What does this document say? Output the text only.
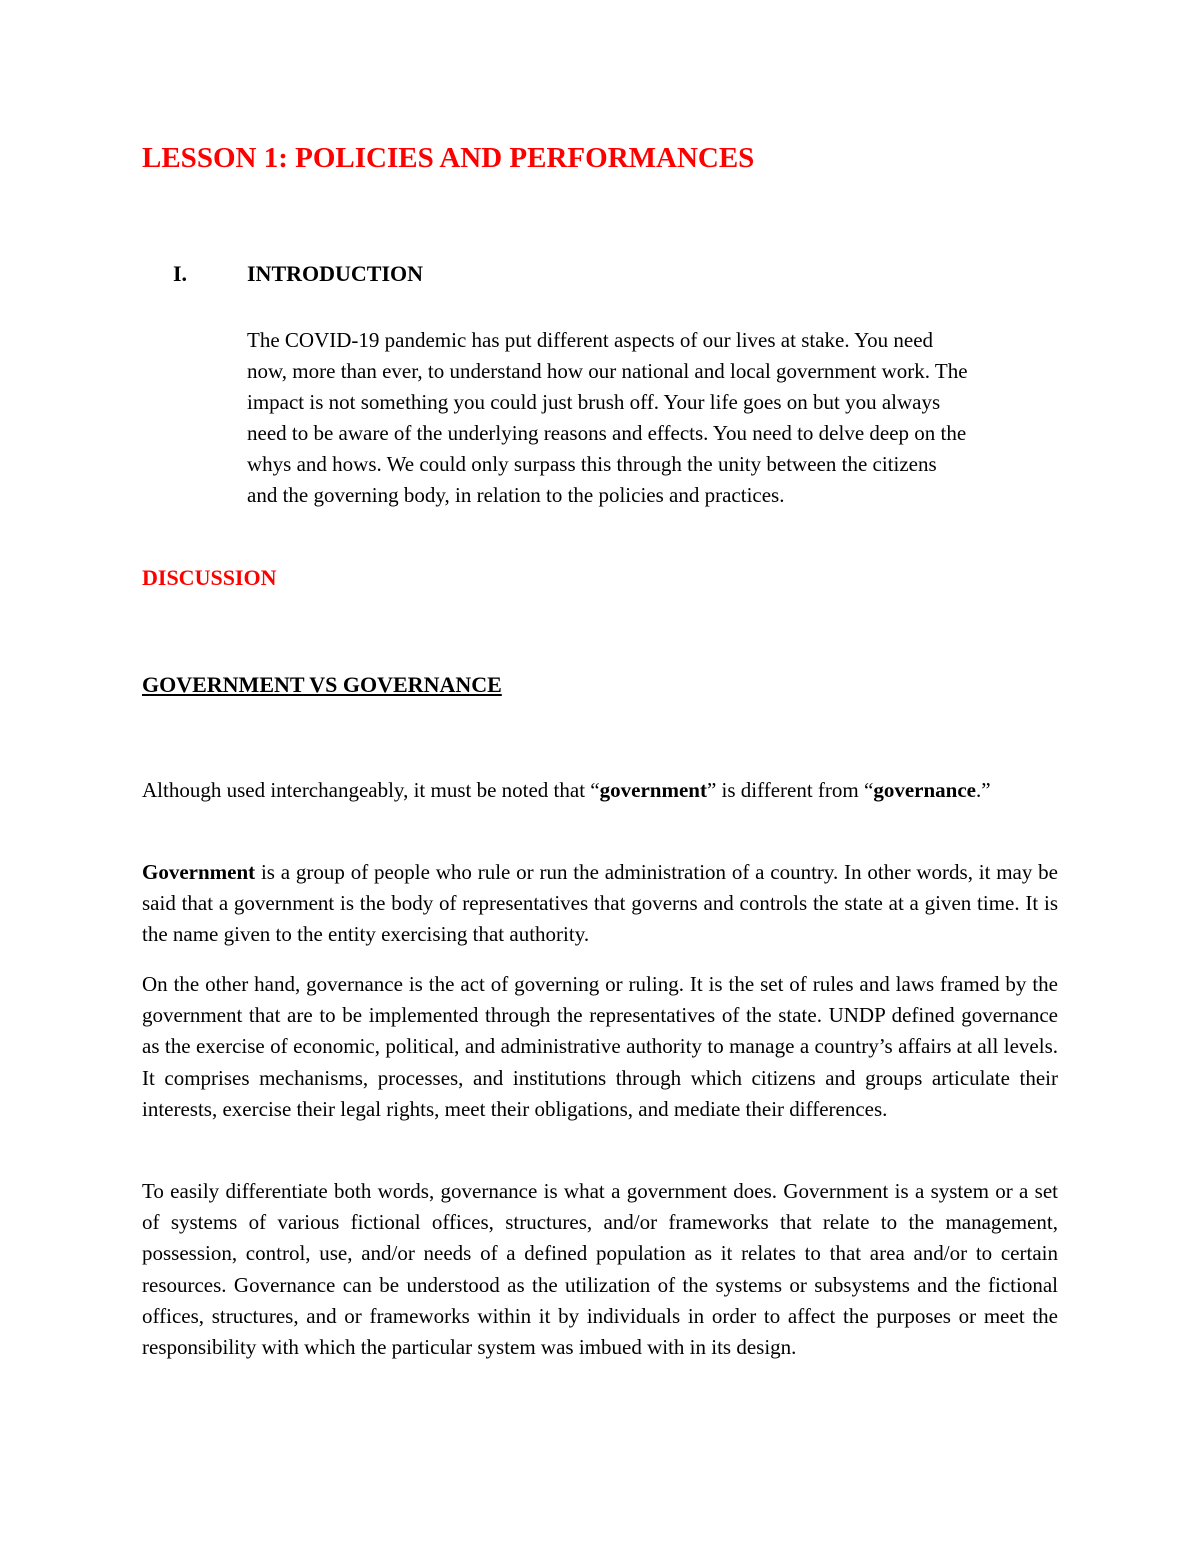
LESSON 1: POLICIES AND PERFORMANCES
I.	INTRODUCTION

The COVID-19 pandemic has put different aspects of our lives at stake. You need
now, more than ever, to understand how our national and local government work. The
impact is not something you could just brush off. Your life goes on but you always
need to be aware of the underlying reasons and effects. You need to delve deep on the
whys and hows. We could only surpass this through the unity between the citizens
and the governing body, in relation to the policies and practices.

DISCUSSION
GOVERNMENT VS GOVERNANCE

Although used interchangeably, it must be noted that “government” is different from “governance.”

Government is a group of people who rule or run the administration of a country. In other words, it may be said that a government is the body of representatives that governs and controls the state at a given time. It is the name given to the entity exercising that authority.

On the other hand, governance is the act of governing or ruling. It is the set of rules and laws framed by the government that are to be implemented through the representatives of the state. UNDP defined governance as the exercise of economic, political, and administrative authority to manage a country’s affairs at all levels. It comprises mechanisms, processes, and institutions through which citizens and groups articulate their interests, exercise their legal rights, meet their obligations, and mediate their differences.

To easily differentiate both words, governance is what a government does. Government is a system or a set of systems of various fictional offices, structures, and/or frameworks that relate to the management, possession, control, use, and/or needs of a defined population as it relates to that area and/or to certain resources. Governance can be understood as the utilization of the systems or subsystems and the fictional offices, structures, and or frameworks within it by individuals in order to affect the purposes or meet the responsibility with which the particular system was imbued with in its design.
